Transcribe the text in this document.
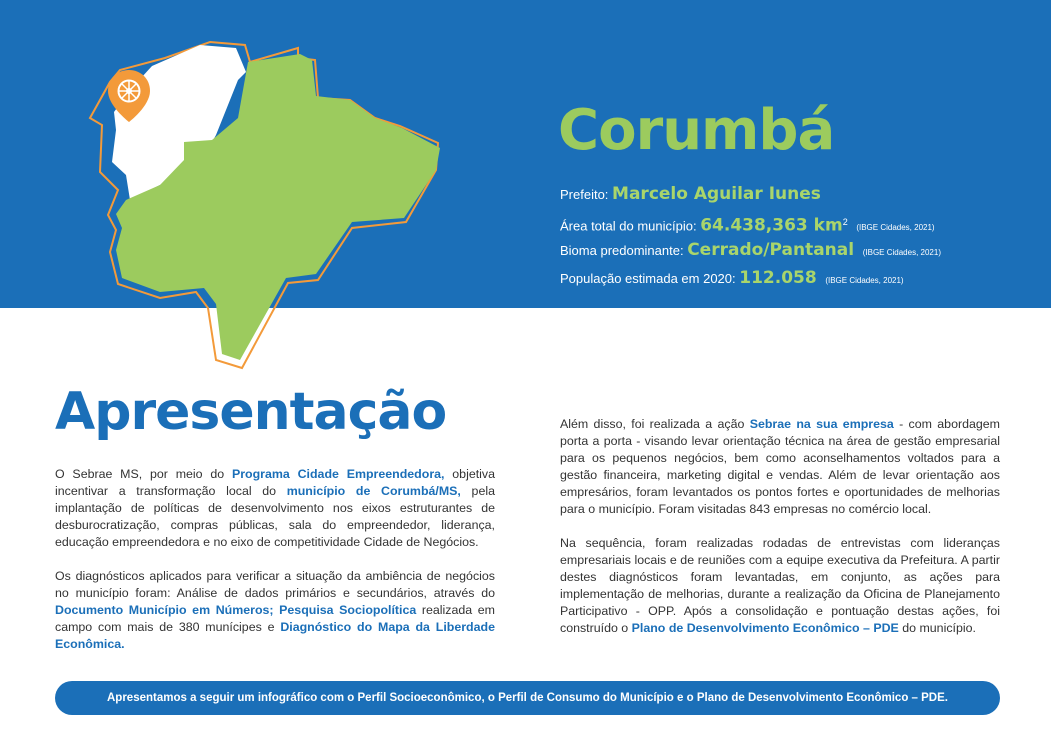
Corumbá
Prefeito: Marcelo Aguilar Iunes
Área total do município: 64.438,363 $km^2$ (IBGE Cidades, 2021)
Bioma predominante: Cerrado/Pantanal (IBGE Cidades, 2021)
População estimada em 2020: 112.058 (IBGE Cidades, 2021)
Apresentação

O Sebrae MS, por meio do Programa Cidade Empreendedora, objetiva incentivar a transformação local do município de Corumbá/MS, pela implantação de políticas de desenvolvimento nos eixos estruturantes de desburocratização, compras públicas, sala do empreendedor, liderança, educação empreendedora e no eixo de competitividade Cidade de Negócios.

Os diagnósticos aplicados para verificar a situação da ambiência de negócios no município foram: Análise de dados primários e secundários, através do Documento Município em Números; Pesquisa Sociopolítica realizada em campo com mais de 380 munícipes e Diagnóstico do Mapa da Liberdade Econômica.

Além disso, foi realizada a ação Sebrae na sua empresa - com abordagem porta a porta - visando levar orientação técnica na área de gestão empresarial para os pequenos negócios, bem como aconselhamentos voltados para a gestão financeira, marketing digital e vendas. Além de levar orientação aos empresários, foram levantados os pontos fortes e oportunidades de melhorias para o município. Foram visitadas 843 empresas no comércio local.

Na sequência, foram realizadas rodadas de entrevistas com lideranças empresariais locais e de reuniões com a equipe executiva da Prefeitura. A partir destes diagnósticos foram levantadas, em conjunto, as ações para implementação de melhorias, durante a realização da Oficina de Planejamento Participativo - OPP. Após a consolidação e pontuação destas ações, foi construído o Plano de Desenvolvimento Econômico – PDE do município.

Apresentamos a seguir um infográfico com o Perfil Socioeconômico, o Perfil de Consumo do Município e o Plano de Desenvolvimento Econômico – PDE.
